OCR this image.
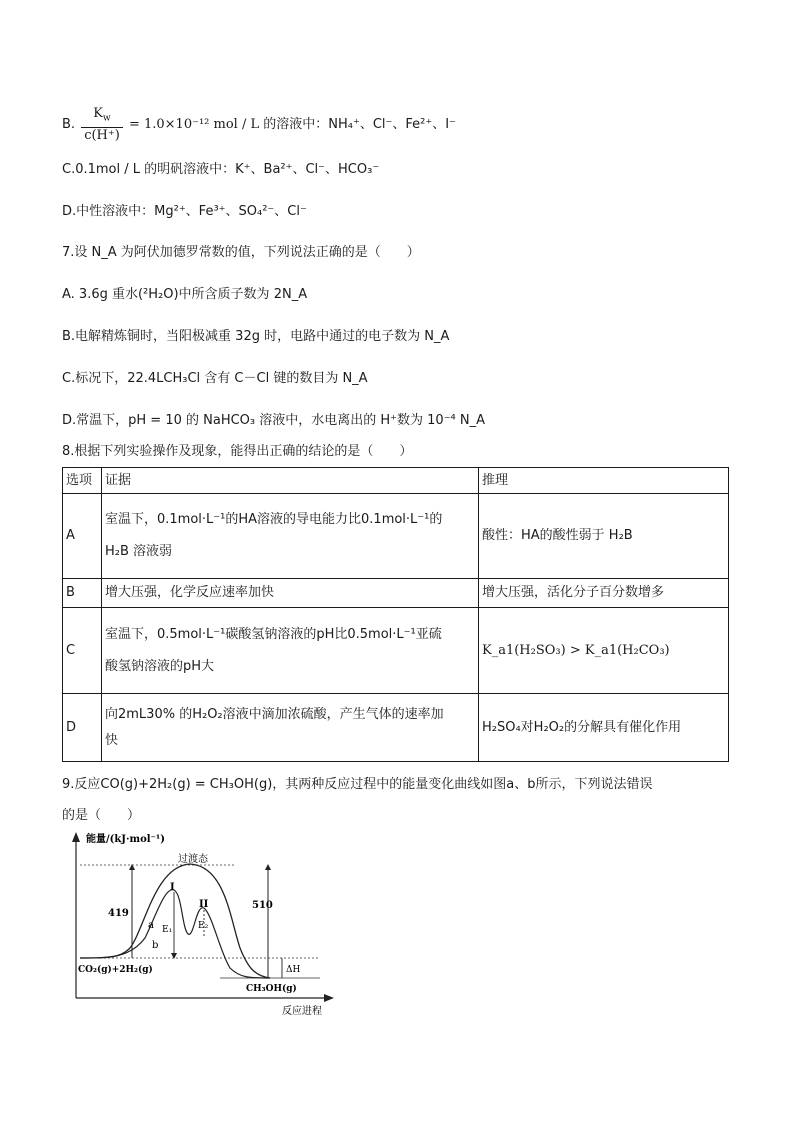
B. $\frac{K_w}{c(H^+)} = 1.0\times 10^{-12}$ mol / L 的溶液中：NH₄⁺、Cl⁻、Fe²⁺、I⁻
C.0.1mol / L 的明矾溶液中：K⁺、Ba²⁺、Cl⁻、HCO₃⁻
D.中性溶液中：Mg²⁺、Fe³⁺、SO₄²⁻、Cl⁻
7.设 N_A 为阿伏加德罗常数的值，下列说法正确的是（　　）
A. 3.6g 重水(²H₂O)中所含质子数为 2N_A
B.电解精炼铜时，当阳极减重 32g 时，电路中通过的电子数为 N_A
C.标况下，22.4LCH₃Cl 含有 C－Cl 键的数目为 N_A
D.常温下，pH = 10 的 NaHCO₃ 溶液中，水电离出的 H⁺数为 10⁻⁴ N_A
8.根据下列实验操作及现象，能得出正确的结论的是（　　）
选项	证据	推理
A	室温下，0.1mol·L⁻¹的HA溶液的导电能力比0.1mol·L⁻¹的
H₂B 溶液弱	酸性：HA的酸性弱于 H₂B
B	增大压强，化学反应速率加快	增大压强，活化分子百分数增多
C	室温下，0.5mol·L⁻¹碳酸氢钠溶液的pH比0.5mol·L⁻¹亚硫
酸氢钠溶液的pH大	K_a1(H₂SO₃) > K_a1(H₂CO₃)
D	向2mL30% 的H₂O₂溶液中滴加浓硫酸，产生气体的速率加
快	H₂SO₄对H₂O₂的分解具有催化作用
9.反应CO(g)+2H₂(g) = CH₃OH(g)，其两种反应过程中的能量变化曲线如图a、b所示，下列说法错误
的是（　　）
能量/(kJ·mol⁻¹)
反应进程
过渡态
419
510
I
II
a
b
E₁	E₂
CO₂(g)+2H₂(g)
CH₃OH(g)
ΔH
